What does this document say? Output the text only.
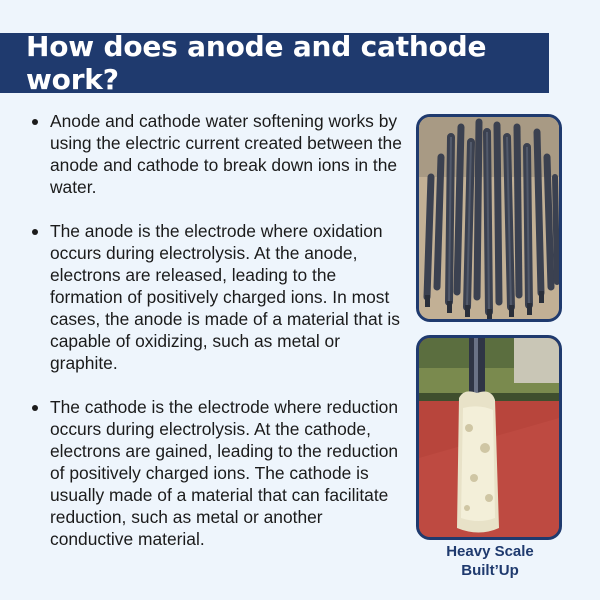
How does anode and cathode work?
Anode and cathode water softening works by using the electric current created between the anode and cathode to break down ions in the water.
The anode is the electrode where oxidation occurs during electrolysis. At the anode, electrons are released, leading to the formation of positively charged ions. In most cases, the anode is made of a material that is capable of oxidizing, such as metal or graphite.
The cathode is the electrode where reduction occurs during electrolysis. At the cathode, electrons are gained, leading to the reduction of positively charged ions. The cathode is usually made of a material that can facilitate reduction, such as metal or another conductive material.
Heavy Scale
Built’Up
